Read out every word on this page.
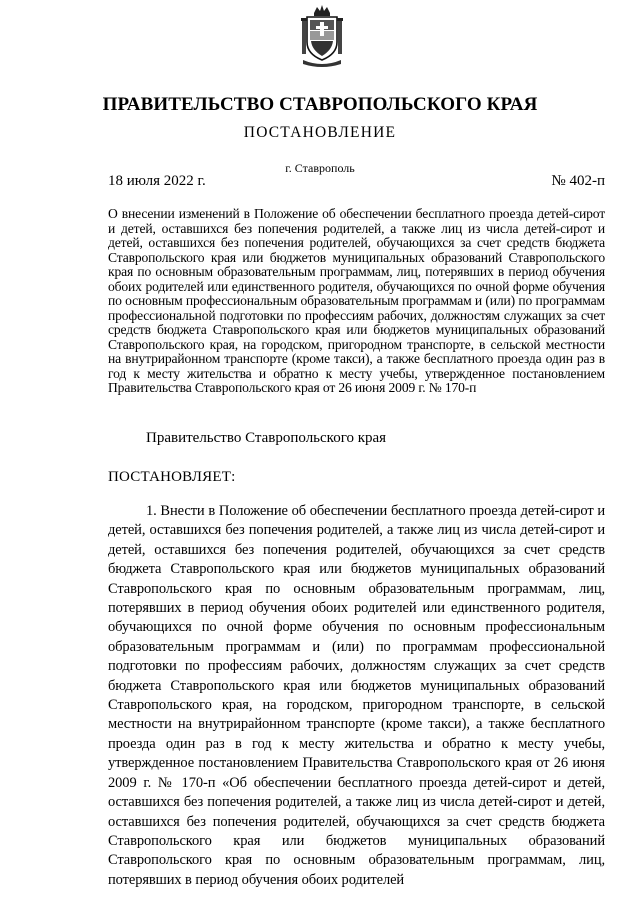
ПРАВИТЕЛЬСТВО СТАВРОПОЛЬСКОГО КРАЯ
ПОСТАНОВЛЕНИЕ
г. Ставрополь
18 июля 2022 г.	№ 402-п
О внесении изменений в Положение об обеспечении бесплатного проезда детей-сирот и детей, оставшихся без попечения родителей, а также лиц из числа детей-сирот и детей, оставшихся без попечения родителей, обучающихся за счет средств бюджета Ставропольского края или бюджетов муниципальных образований Ставропольского края по основным образовательным программам, лиц, потерявших в период обучения обоих родителей или единственного родителя, обучающихся по очной форме обучения по основным профессиональным образовательным программам и (или) по программам профессиональной подготовки по профессиям рабочих, должностям служащих за счет средств бюджета Ставропольского края или бюджетов муниципальных образований Ставропольского края, на городском, пригородном транспорте, в сельской местности на внутрирайонном транспорте (кроме такси), а также бесплатного проезда один раз в год к месту жительства и обратно к месту учебы, утвержденное постановлением Правительства Ставропольского края от 26 июня 2009 г. № 170-п
Правительство Ставропольского края
ПОСТАНОВЛЯЕТ:

1. Внести в Положение об обеспечении бесплатного проезда детей-сирот и детей, оставшихся без попечения родителей, а также лиц из числа детей-сирот и детей, оставшихся без попечения родителей, обучающихся за счет средств бюджета Ставропольского края или бюджетов муниципальных образований Ставропольского края по основным образовательным программам, лиц, потерявших в период обучения обоих родителей или единственного родителя, обучающихся по очной форме обучения по основным профессиональным образовательным программам и (или) по программам профессиональной подготовки по профессиям рабочих, должностям служащих за счет средств бюджета Ставропольского края или бюджетов муниципальных образований Ставропольского края, на городском, пригородном транспорте, в сельской местности на внутрирайонном транспорте (кроме такси), а также бесплатного проезда один раз в год к месту жительства и обратно к месту учебы, утвержденное постановлением Правительства Ставропольского края от 26 июня 2009 г. № 170-п «Об обеспечении бесплатного проезда детей-сирот и детей, оставшихся без попечения родителей, а также лиц из числа детей-сирот и детей, оставшихся без попечения родителей, обучающихся за счет средств бюджета Ставропольского края или бюджетов муниципальных образований Ставропольского края по основным образовательным программам, лиц, потерявших в период обучения обоих родителей
